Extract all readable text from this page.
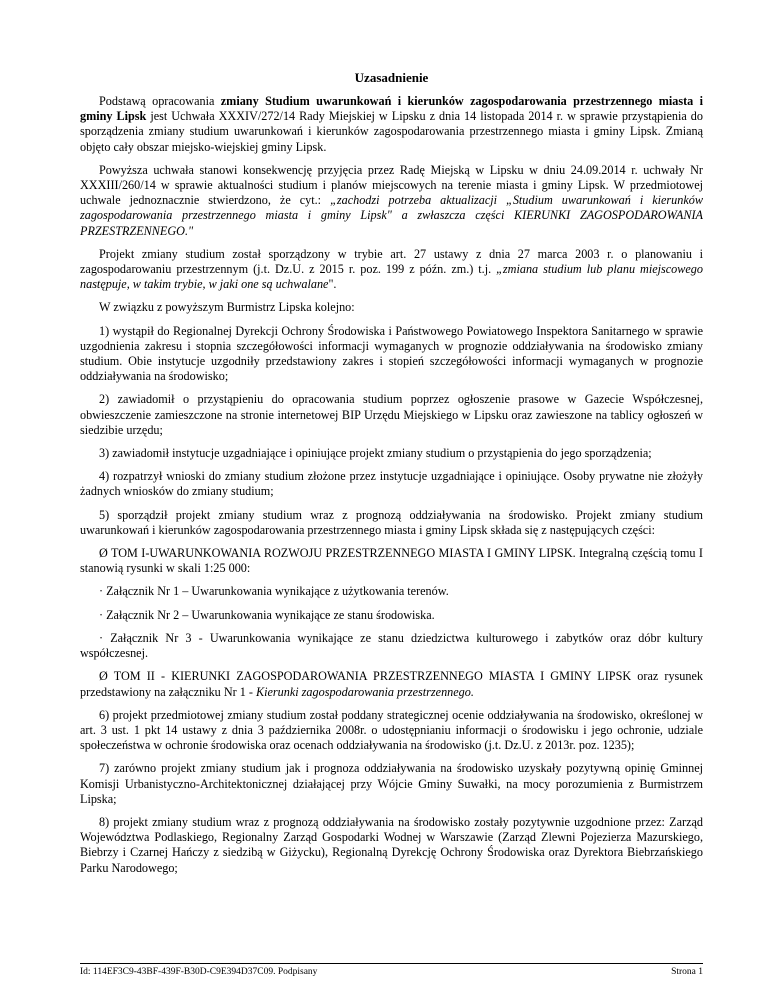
Uzasadnienie

Podstawą opracowania zmiany Studium uwarunkowań i kierunków zagospodarowania przestrzennego miasta i gminy Lipsk jest Uchwała XXXIV/272/14 Rady Miejskiej w Lipsku z dnia 14 listopada 2014 r. w sprawie przystąpienia do sporządzenia zmiany studium uwarunkowań i kierunków zagospodarowania przestrzennego miasta i gminy Lipsk. Zmianą objęto cały obszar miejsko-wiejskiej gminy Lipsk.

Powyższa uchwała stanowi konsekwencję przyjęcia przez Radę Miejską w Lipsku w dniu 24.09.2014 r. uchwały Nr XXXIII/260/14 w sprawie aktualności studium i planów miejscowych na terenie miasta i gminy Lipsk. W przedmiotowej uchwale jednoznacznie stwierdzono, że cyt.: „zachodzi potrzeba aktualizacji „Studium uwarunkowań i kierunków zagospodarowania przestrzennego miasta i gminy Lipsk" a zwłaszcza części KIERUNKI ZAGOSPODAROWANIA PRZESTRZENNEGO."

Projekt zmiany studium został sporządzony w trybie art. 27 ustawy z dnia 27 marca 2003 r. o planowaniu i zagospodarowaniu przestrzennym (j.t. Dz.U. z 2015 r. poz. 199 z późn. zm.) t.j. „zmiana studium lub planu miejscowego następuje, w takim trybie, w jaki one są uchwalane".

W związku z powyższym Burmistrz Lipska kolejno:

1) wystąpił do Regionalnej Dyrekcji Ochrony Środowiska i Państwowego Powiatowego Inspektora Sanitarnego w sprawie uzgodnienia zakresu i stopnia szczegółowości informacji wymaganych w prognozie oddziaływania na środowisko zmiany studium. Obie instytucje uzgodniły przedstawiony zakres i stopień szczegółowości informacji wymaganych w prognozie oddziaływania na środowisko;

2) zawiadomił o przystąpieniu do opracowania studium poprzez ogłoszenie prasowe w Gazecie Współczesnej, obwieszczenie zamieszczone na stronie internetowej BIP Urzędu Miejskiego w Lipsku oraz zawieszone na tablicy ogłoszeń w siedzibie urzędu;

3) zawiadomił instytucje uzgadniające i opiniujące projekt zmiany studium o przystąpienia do jego sporządzenia;

4) rozpatrzył wnioski do zmiany studium złożone przez instytucje uzgadniające i opiniujące. Osoby prywatne nie złożyły żadnych wniosków do zmiany studium;

5) sporządził projekt zmiany studium wraz z prognozą oddziaływania na środowisko. Projekt zmiany studium uwarunkowań i kierunków zagospodarowania przestrzennego miasta i gminy Lipsk składa się z następujących części:

Ø TOM I-UWARUNKOWANIA ROZWOJU PRZESTRZENNEGO MIASTA I GMINY LIPSK. Integralną częścią tomu I stanowią rysunki w skali 1:25 000:

· Załącznik Nr 1 – Uwarunkowania wynikające z użytkowania terenów.

· Załącznik Nr 2 – Uwarunkowania wynikające ze stanu środowiska.

· Załącznik Nr 3 - Uwarunkowania wynikające ze stanu dziedzictwa kulturowego i zabytków oraz dóbr kultury współczesnej.

Ø TOM II - KIERUNKI ZAGOSPODAROWANIA PRZESTRZENNEGO MIASTA I GMINY LIPSK oraz rysunek przedstawiony na załączniku Nr 1 - Kierunki zagospodarowania przestrzennego.

6) projekt przedmiotowej zmiany studium został poddany strategicznej ocenie oddziaływania na środowisko, określonej w art. 3 ust. 1 pkt 14 ustawy z dnia 3 października 2008r. o udostępnianiu informacji o środowisku i jego ochronie, udziale społeczeństwa w ochronie środowiska oraz ocenach oddziaływania na środowisko (j.t. Dz.U. z 2013r. poz. 1235);

7) zarówno projekt zmiany studium jak i prognoza oddziaływania na środowisko uzyskały pozytywną opinię Gminnej Komisji Urbanistyczno-Architektonicznej działającej przy Wójcie Gminy Suwałki, na mocy porozumienia z Burmistrzem Lipska;

8) projekt zmiany studium wraz z prognozą oddziaływania na środowisko zostały pozytywnie uzgodnione przez: Zarząd Województwa Podlaskiego, Regionalny Zarząd Gospodarki Wodnej w Warszawie (Zarząd Zlewni Pojezierza Mazurskiego, Biebrzy i Czarnej Hańczy z siedzibą w Giżycku), Regionalną Dyrekcję Ochrony Środowiska oraz Dyrektora Biebrzańskiego Parku Narodowego;

Id: 114EF3C9-43BF-439F-B30D-C9E394D37C09. Podpisany	Strona 1
